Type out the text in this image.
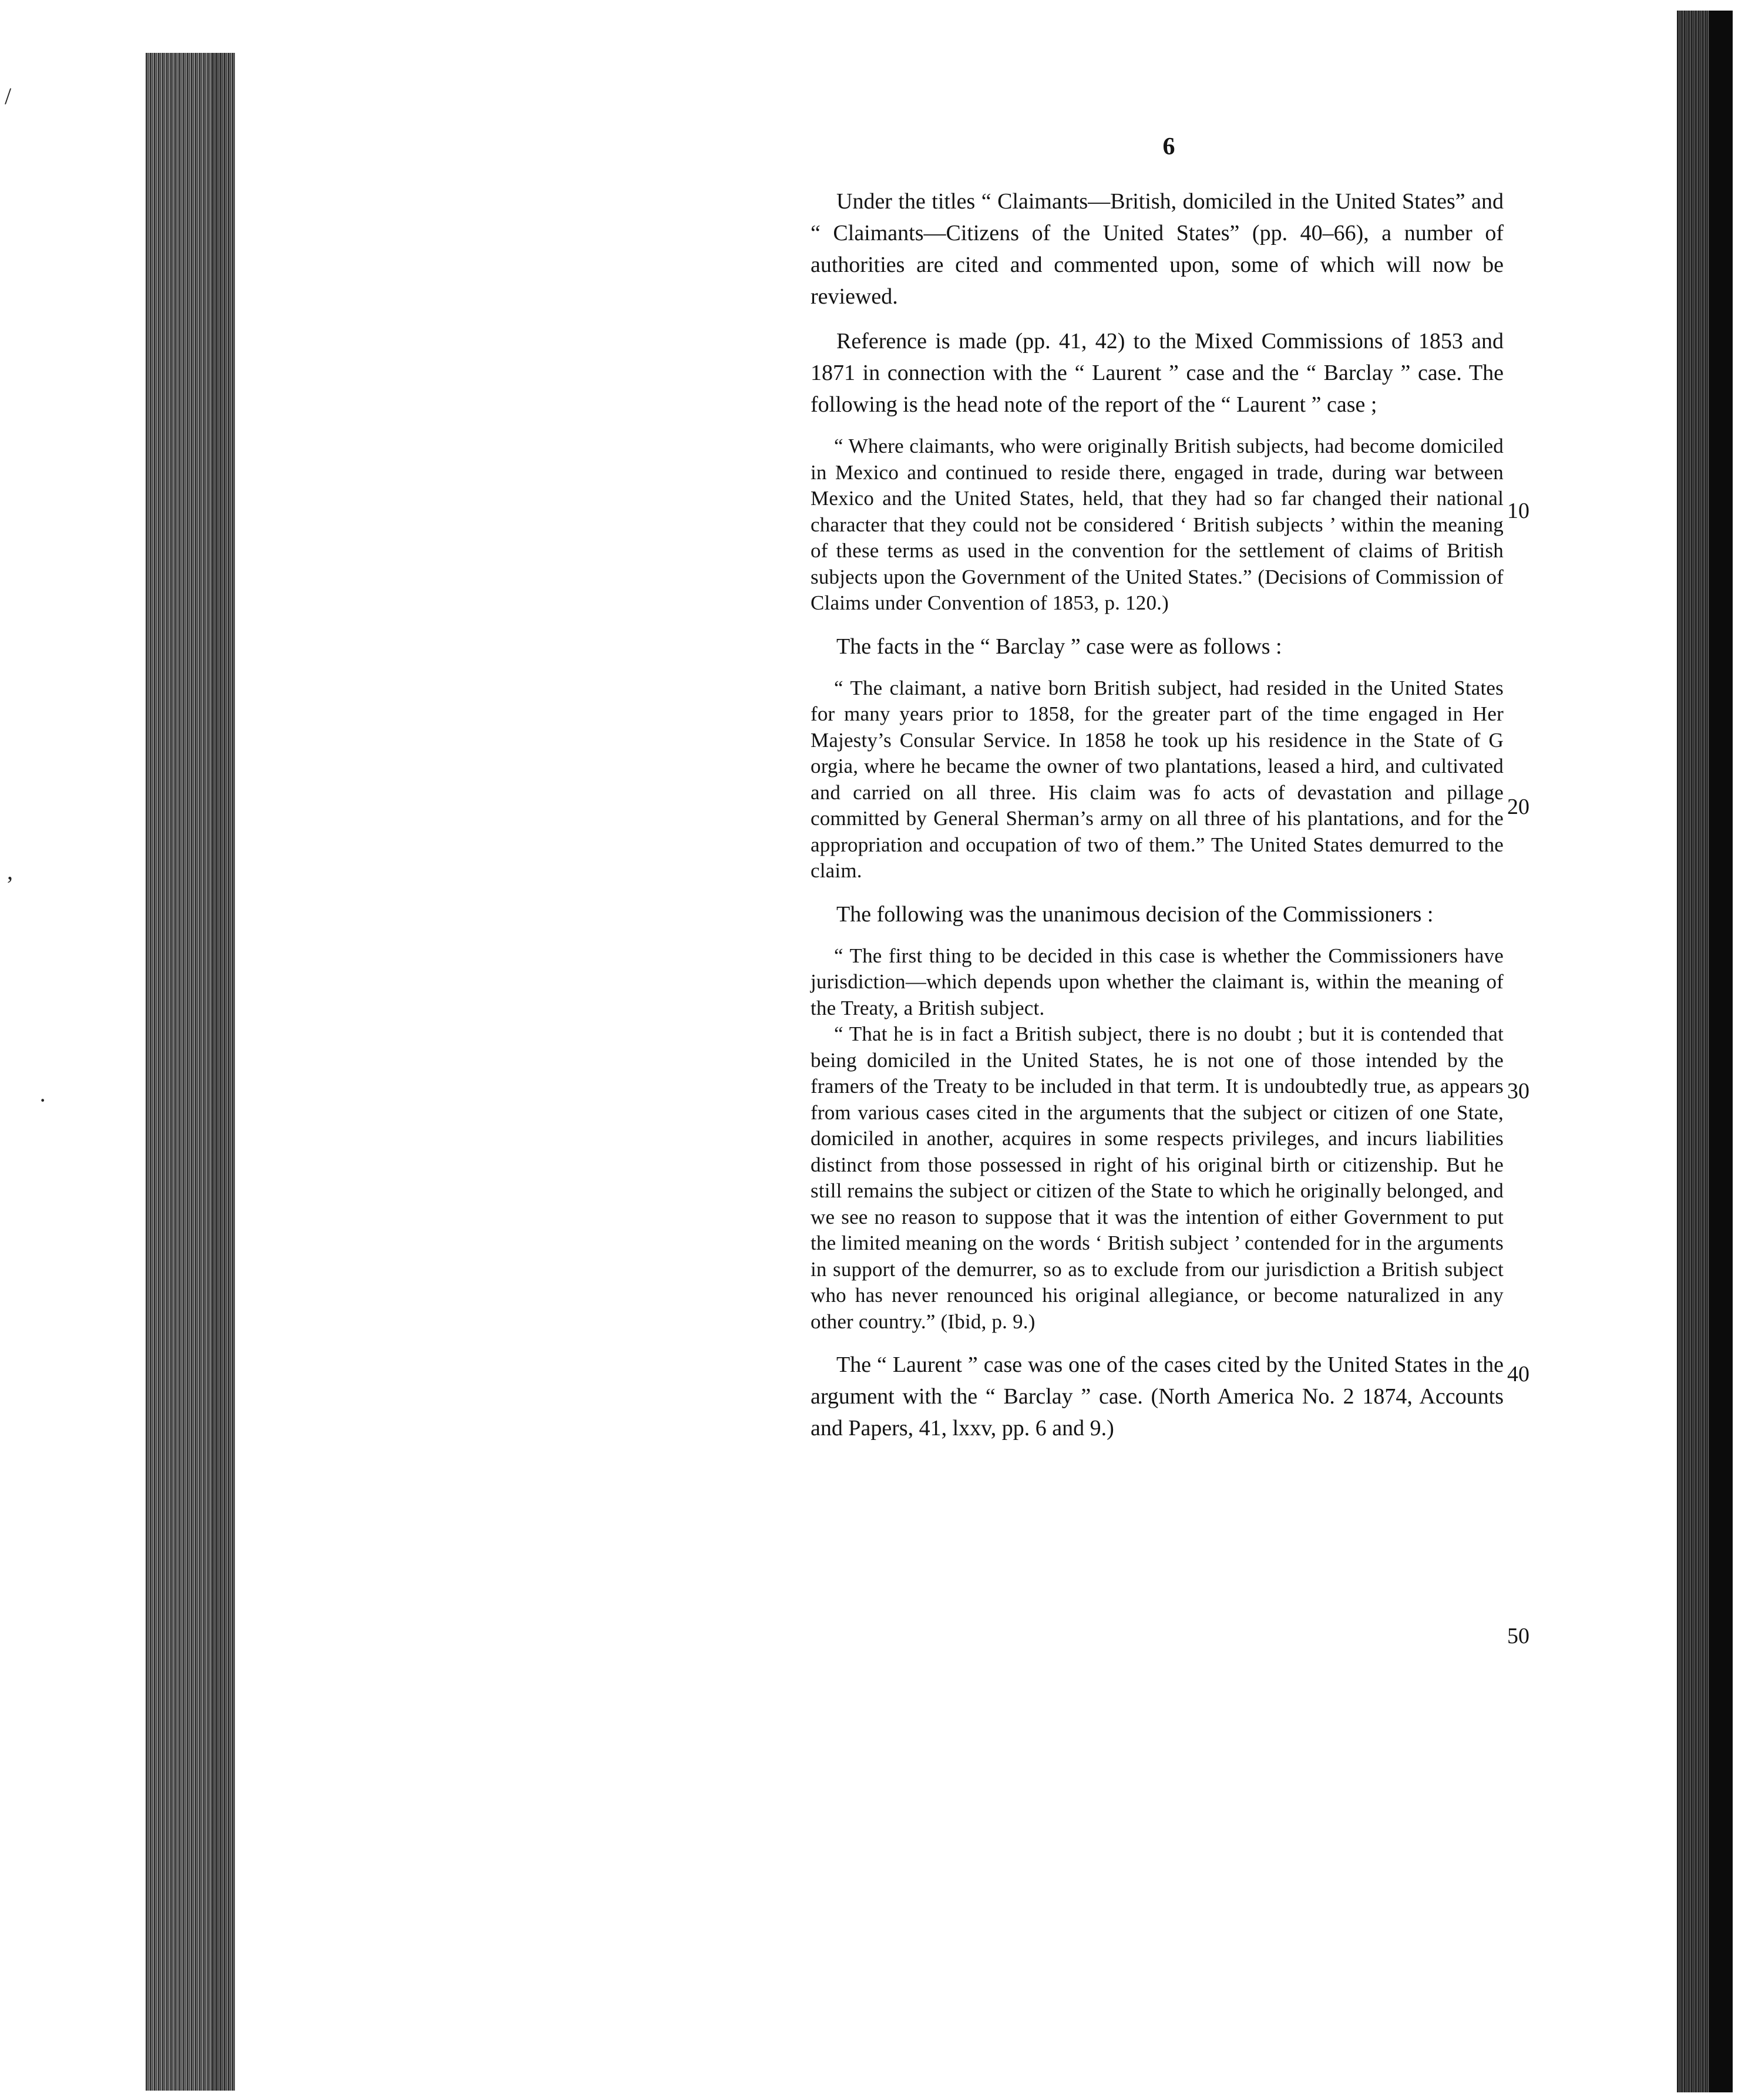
/
,
·
6

Under the titles “ Claimants—British, domiciled in the United States” and “ Claimants—Citizens of the United States” (pp. 40–66), a number of authorities are cited and commented upon, some of which will now be reviewed.

Reference is made (pp. 41, 42) to the Mixed Commissions of 1853 and 1871 in connection with the “ Laurent ” case and the “ Barclay ” case. The following is the head note of the report of the “ Laurent ” case ;

“ Where claimants, who were originally British subjects, had become domiciled in Mexico and continued to reside there, engaged in trade, during war between Mexico and the United States, held, that they had so far changed their national character that they could not be considered ‘ British subjects ’ within the meaning of these terms as used in the convention for the settlement of claims of British subjects upon the Government of the United States.” (Decisions of Commission of Claims under Convention of 1853, p. 120.)

The facts in the “ Barclay ” case were as follows :

“ The claimant, a native born British subject, had resided in the United States for many years prior to 1858, for the greater part of the time engaged in Her Majesty’s Consular Service. In 1858 he took up his residence in the State of G orgia, where he became the owner of two plantations, leased a hird, and cultivated and carried on all three. His claim was fo acts of devastation and pillage committed by General Sherman’s army on all three of his plantations, and for the appropriation and occupation of two of them.” The United States demurred to the claim.

The following was the unanimous decision of the Commissioners :

“ The first thing to be decided in this case is whether the Commissioners have jurisdiction—which depends upon whether the claimant is, within the meaning of the Treaty, a British subject.

“ That he is in fact a British subject, there is no doubt ; but it is contended that being domiciled in the United States, he is not one of those intended by the framers of the Treaty to be included in that term. It is undoubtedly true, as appears from various cases cited in the arguments that the subject or citizen of one State, domiciled in another, acquires in some respects privileges, and incurs liabilities distinct from those possessed in right of his original birth or citizenship. But he still remains the subject or citizen of the State to which he originally belonged, and we see no reason to suppose that it was the intention of either Government to put the limited meaning on the words ‘ British subject ’ contended for in the arguments in support of the demurrer, so as to exclude from our jurisdiction a British subject who has never renounced his original allegiance, or become naturalized in any other country.” (Ibid, p. 9.)

The “ Laurent ” case was one of the cases cited by the United States in the argument with the “ Barclay ” case. (North America No. 2 1874, Accounts and Papers, 41, lxxv, pp. 6 and 9.)

10
20
30
40
50
